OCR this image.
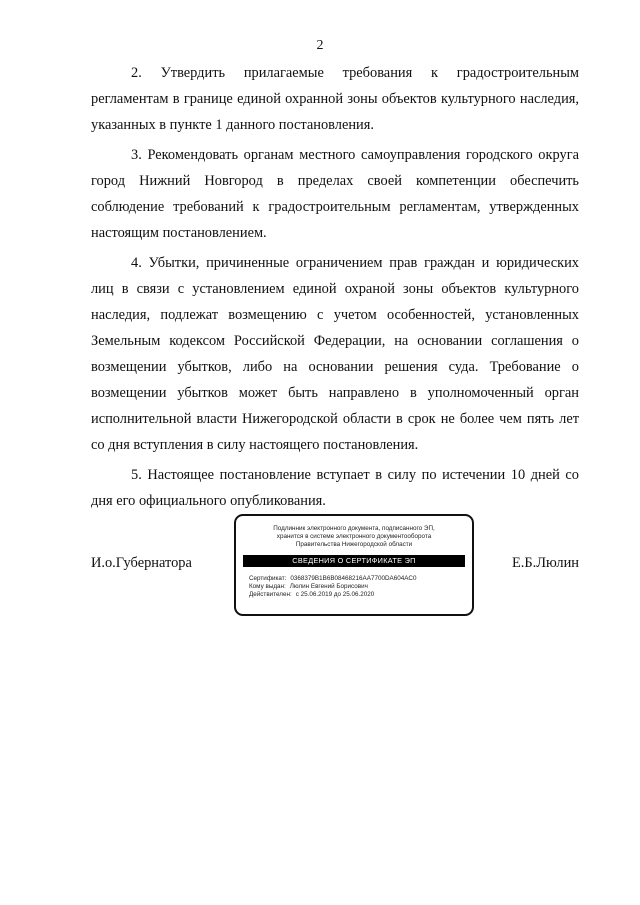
2

2. Утвердить прилагаемые требования к градостроительным регламентам в границе единой охранной зоны объектов культурного наследия, указанных в пункте 1 данного постановления.

3. Рекомендовать органам местного самоуправления городского округа город Нижний Новгород в пределах своей компетенции обеспечить соблюдение требований к градостроительным регламентам, утвержденных настоящим постановлением.

4. Убытки, причиненные ограничением прав граждан и юридических лиц в связи с установлением единой охраной зоны объектов культурного наследия, подлежат возмещению с учетом особенностей, установленных Земельным кодексом Российской Федерации, на основании соглашения о возмещении убытков, либо на основании решения суда. Требование о возмещении убытков может быть направлено в уполномоченный орган исполнительной власти Нижегородской области в срок не более чем пять лет со дня вступления в силу настоящего постановления.

5. Настоящее постановление вступает в силу по истечении 10 дней со дня его официального опубликования.

И.о.Губернатора
Подлинник электронного документа, подписанного ЭП,
хранится в системе электронного документооборота
Правительства Нижегородской области
СВЕДЕНИЯ О СЕРТИФИКАТЕ ЭП
Сертификат: 0368379B1B6B08468216AA7700DA604AC0
Кому выдан: Люлин Евгений Борисович
Действителен: с 25.06.2019 до 25.06.2020
Е.Б.Люлин
